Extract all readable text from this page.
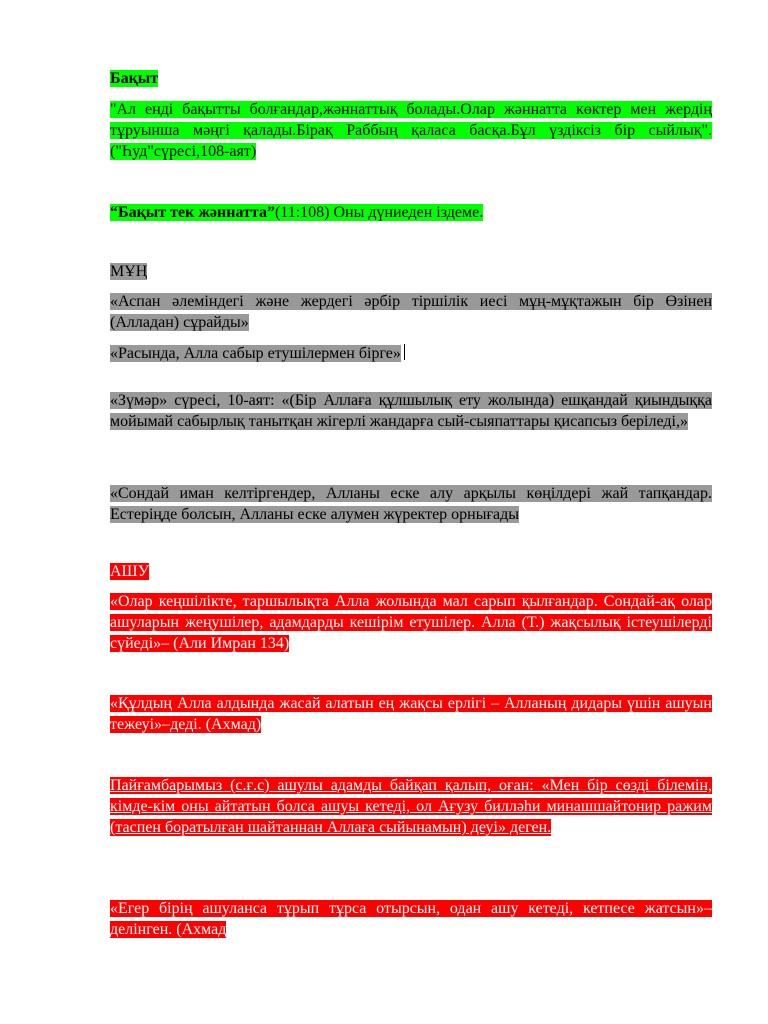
Бақыт
"Ал енді бақытты болғандар,жәннаттық болады.Олар жәннатта көктер мен жердің тұруынша мәңгі қалады.Бірақ Раббың қаласа басқа.Бұл үздіксіз бір сыйлық".("Һуд"сүресі,108-аят)
“Бақыт тек жәннатта”(11:108) Оны дүниеден іздеме.
МҰҢ
«Аспан әлеміндегі және жердегі әрбір тіршілік иесі мұң-мұқтажын бір Өзінен (Алладан) сұрайды»
«Расында, Алла сабыр етушілермен бірге»
«Зүмәр» сүресі, 10-аят: «(Бір Аллаға құлшылық ету жолында) ешқандай қиындыққа мойымай сабырлық танытқан жігерлі жандарға сый-сыяпаттары қисапсыз беріледі,»
«Сондай иман келтіргендер, Алланы еске алу арқылы көңілдері жай тапқандар. Естеріңде болсын, Алланы еске алумен жүректер орнығады
АШУ
«Олар кеңшілікте, таршылықта Алла жолында мал сарып қылғандар. Сондай-ақ олар ашуларын жеңушілер, адамдарды кешірім етушілер. Алла (Т.) жақсылық істеушілерді сүйеді»– (Али Имран 134)
«Құлдың Алла алдында жасай алатын ең жақсы ерлігі – Алланың дидары үшін ашуын тежеуі»–деді. (Ахмад)
Пайғамбарымыз (с.ғ.с) ашулы адамды байқап қалып, оған: «Мен бір сөзді білемін, кімде-кім оны айтатын болса ашуы кетеді, ол Ағузу билләһи минашшайтонир ражим (таспен боратылған шайтаннан Аллаға сыйынамын) деуі» деген.
«Егер бірің ашуланса тұрып тұрса отырсын, одан ашу кетеді, кетпесе жатсын»–делінген. (Ахмад
